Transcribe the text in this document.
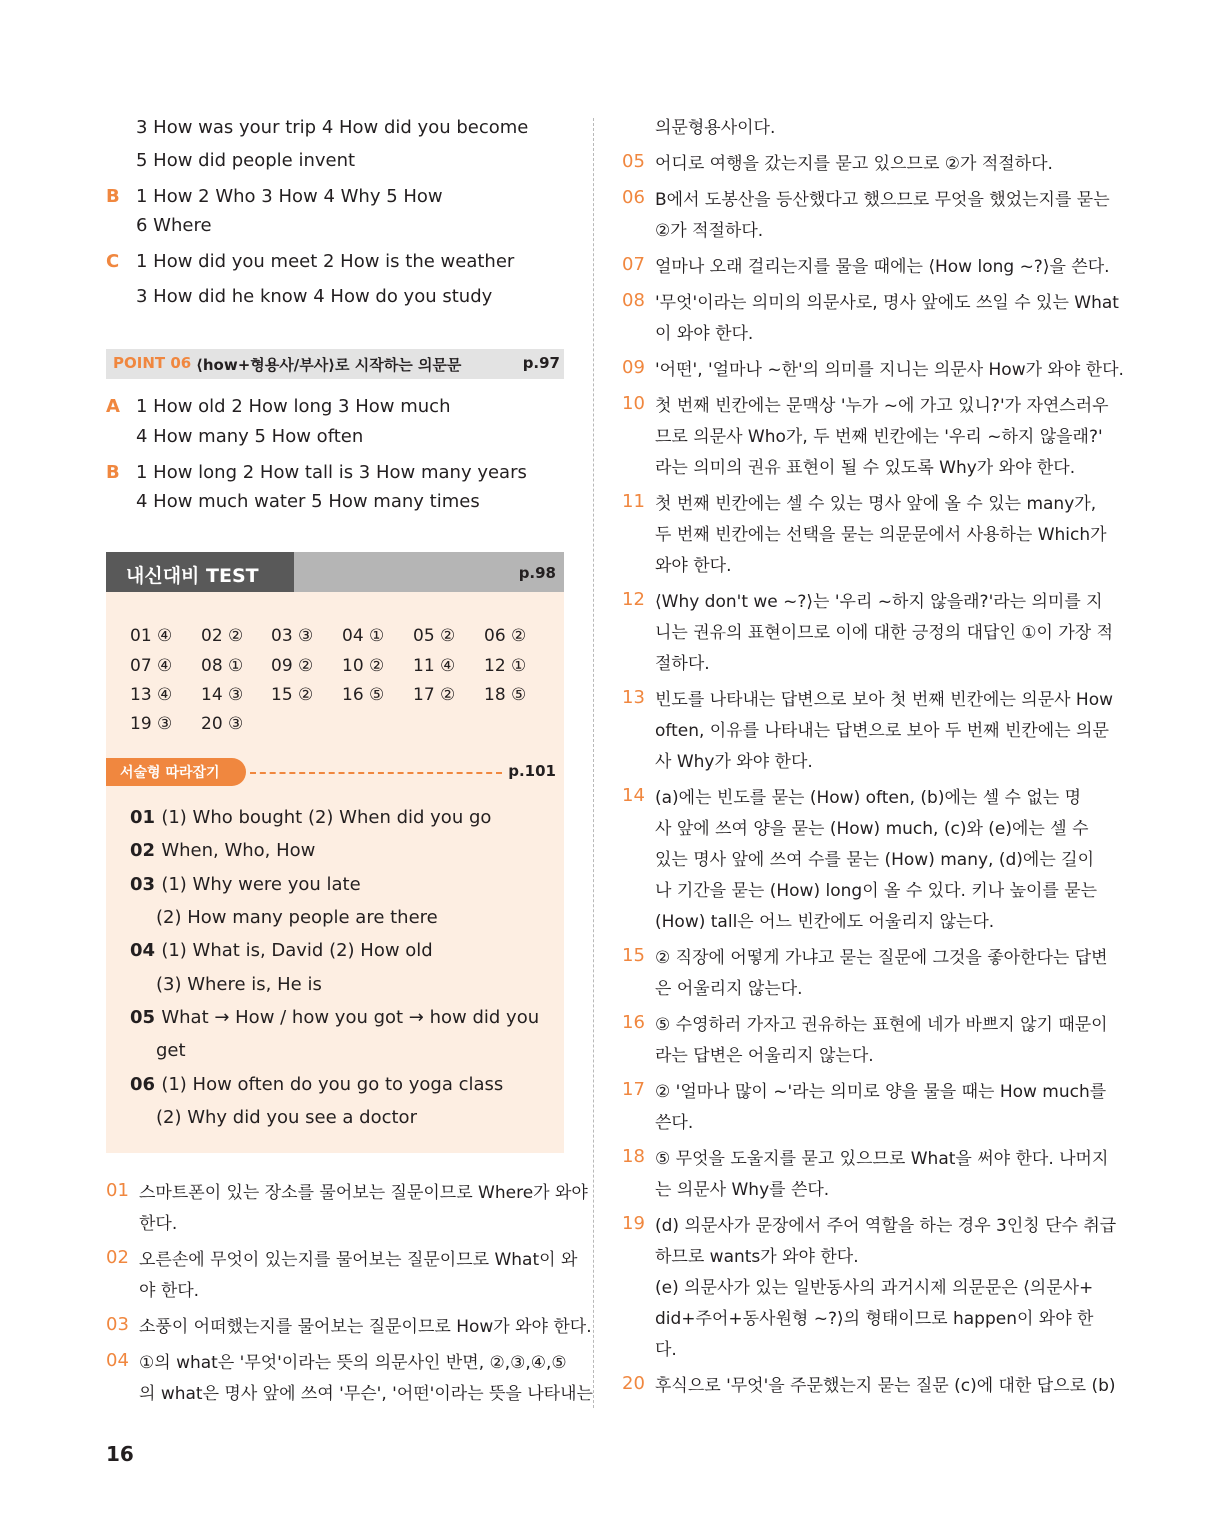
3 How was your trip 4 How did you become
5 How did people invent
B 1 How 2 Who 3 How 4 Why 5 How
6 Where
C 1 How did you meet 2 How is the weather
3 How did he know 4 How do you study
POINT 06 ⟨how+형용사/부사⟩로 시작하는 의문문	p.97
A 1 How old 2 How long 3 How much
4 How many 5 How often
B 1 How long 2 How tall is 3 How many years
4 How much water 5 How many times
내신대비 TEST	p.98
01 ④ 02 ② 03 ③ 04 ① 05 ② 06 ②
07 ④ 08 ① 09 ② 10 ② 11 ④ 12 ①
13 ④ 14 ③ 15 ② 16 ⑤ 17 ② 18 ⑤
19 ③ 20 ③
서술형 따라잡기	p.101
01 (1) Who bought (2) When did you go
02 When, Who, How
03 (1) Why were you late
(2) How many people are there
04 (1) What is, David (2) How old
(3) Where is, He is
05 What → How / how you got → how did you
get
06 (1) How often do you go to yoga class
(2) Why did you see a doctor
01 스마트폰이 있는 장소를 물어보는 질문이므로 Where가 와야
한다.
02 오른손에 무엇이 있는지를 물어보는 질문이므로 What이 와
야 한다.
03 소풍이 어떠했는지를 물어보는 질문이므로 How가 와야 한다.
04 ①의 what은 '무엇'이라는 뜻의 의문사인 반면, ②,③,④,⑤
의 what은 명사 앞에 쓰여 '무슨', '어떤'이라는 뜻을 나타내는
의문형용사이다.
05 어디로 여행을 갔는지를 묻고 있으므로 ②가 적절하다.
06 B에서 도봉산을 등산했다고 했으므로 무엇을 했었는지를 묻는
②가 적절하다.
07 얼마나 오래 걸리는지를 물을 때에는 ⟨How long ~?⟩을 쓴다.
08 '무엇'이라는 의미의 의문사로, 명사 앞에도 쓰일 수 있는 What
이 와야 한다.
09 '어떤', '얼마나 ~한'의 의미를 지니는 의문사 How가 와야 한다.
10 첫 번째 빈칸에는 문맥상 '누가 ~에 가고 있니?'가 자연스러우
므로 의문사 Who가, 두 번째 빈칸에는 '우리 ~하지 않을래?'
라는 의미의 권유 표현이 될 수 있도록 Why가 와야 한다.
11 첫 번째 빈칸에는 셀 수 있는 명사 앞에 올 수 있는 many가,
두 번째 빈칸에는 선택을 묻는 의문문에서 사용하는 Which가
와야 한다.
12 ⟨Why don't we ~?⟩는 '우리 ~하지 않을래?'라는 의미를 지
니는 권유의 표현이므로 이에 대한 긍정의 대답인 ①이 가장 적
절하다.
13 빈도를 나타내는 답변으로 보아 첫 번째 빈칸에는 의문사 How
often, 이유를 나타내는 답변으로 보아 두 번째 빈칸에는 의문
사 Why가 와야 한다.
14 (a)에는 빈도를 묻는 (How) often, (b)에는 셀 수 없는 명
사 앞에 쓰여 양을 묻는 (How) much, (c)와 (e)에는 셀 수
있는 명사 앞에 쓰여 수를 묻는 (How) many, (d)에는 길이
나 기간을 묻는 (How) long이 올 수 있다. 키나 높이를 묻는
(How) tall은 어느 빈칸에도 어울리지 않는다.
15 ② 직장에 어떻게 가냐고 묻는 질문에 그것을 좋아한다는 답변
은 어울리지 않는다.
16 ⑤ 수영하러 가자고 권유하는 표현에 네가 바쁘지 않기 때문이
라는 답변은 어울리지 않는다.
17 ② '얼마나 많이 ~'라는 의미로 양을 물을 때는 How much를
쓴다.
18 ⑤ 무엇을 도울지를 묻고 있으므로 What을 써야 한다. 나머지
는 의문사 Why를 쓴다.
19 (d) 의문사가 문장에서 주어 역할을 하는 경우 3인칭 단수 취급
하므로 wants가 와야 한다.
(e) 의문사가 있는 일반동사의 과거시제 의문문은 ⟨의문사+
did+주어+동사원형 ~?⟩의 형태이므로 happen이 와야 한
다.
20 후식으로 '무엇'을 주문했는지 묻는 질문 (c)에 대한 답으로 (b)
16
